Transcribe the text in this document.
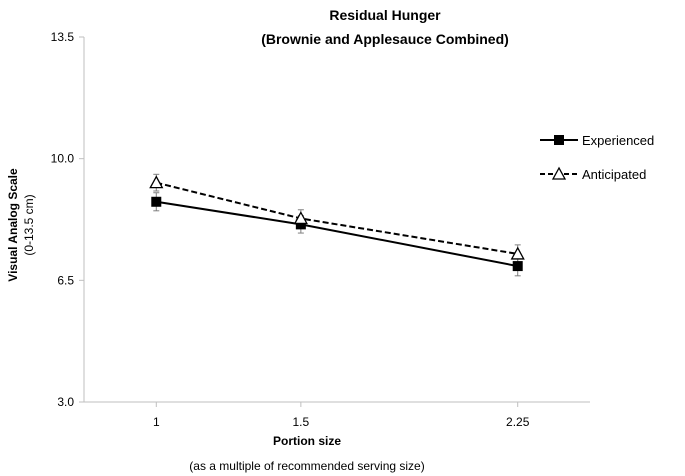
Residual Hunger
(Brownie and Applesauce Combined)
Portion size
(as a multiple of recommended serving size)
Visual Analog Scale (0-13.5 cm)
3.0
6.5
10.0
13.5
1	1.5	2.25
Experienced
Anticipated
